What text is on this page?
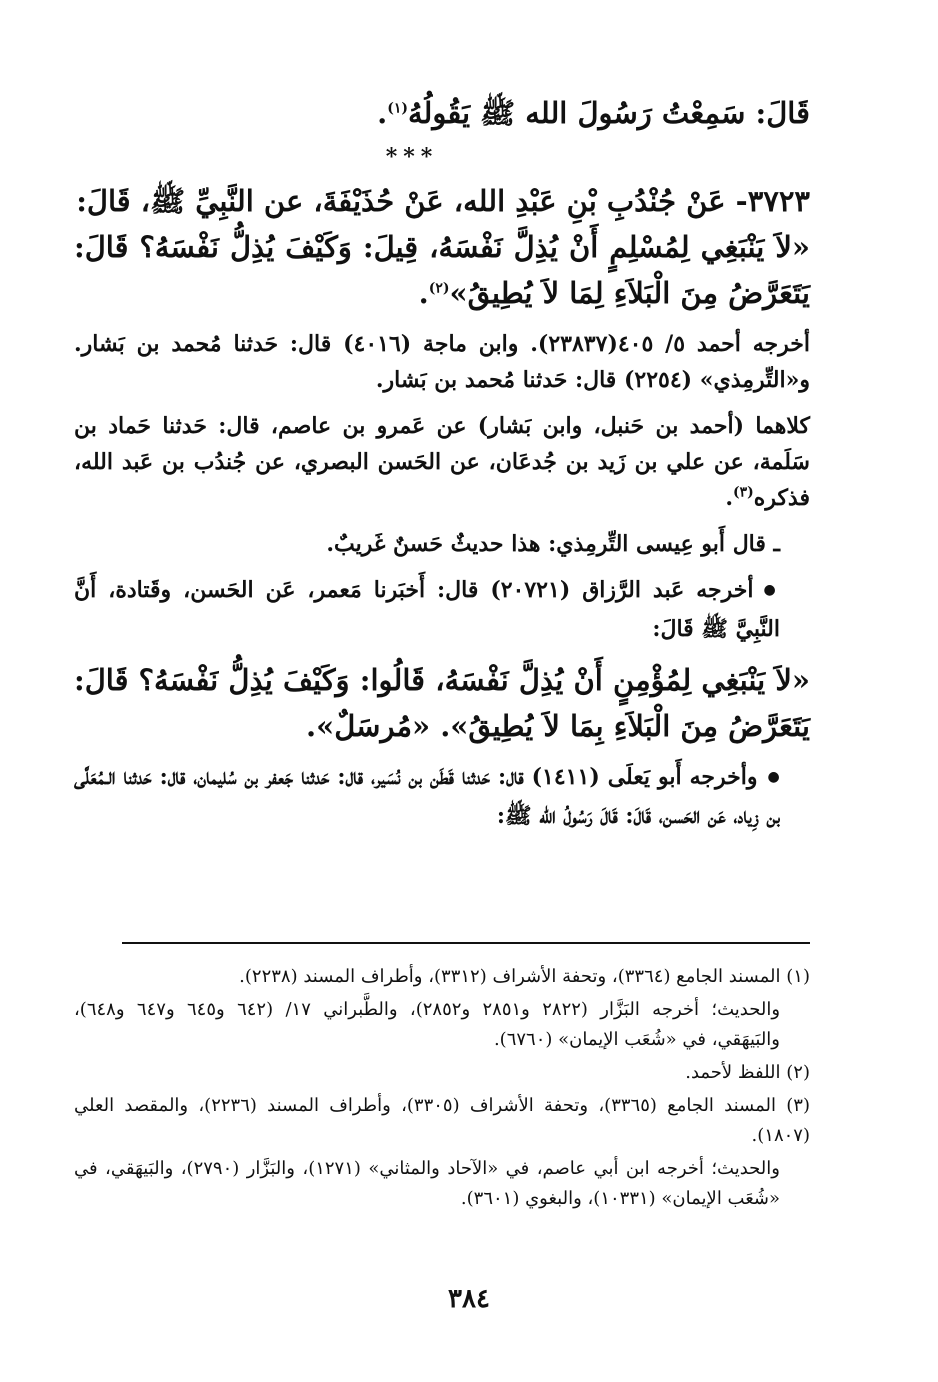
قَالَ: سَمِعْتُ رَسُولَ الله ﷺ يَقُولُهُ$^{(١)}$.

***

٣٧٢٣- عَنْ جُنْدُبِ بْنِ عَبْدِ الله، عَنْ حُذَيْفَةَ، عن النَّبِيِّ ﷺ، قَالَ:

«لاَ يَنْبَغِي لِمُسْلِمٍ أَنْ يُذِلَّ نَفْسَهُ، قِيلَ: وَكَيْفَ يُذِلُّ نَفْسَهُ؟ قَالَ: يَتَعَرَّضُ مِنَ الْبَلاَءِ لِمَا لاَ يُطِيقُ»$^{(٢)}$.

أخرجه أحمد ٥/ ٤٠٥(٢٣٨٣٧). وابن ماجة (٤٠١٦) قال: حَدثنا مُحمد بن بَشار. و«التِّرمِذي» (٢٢٥٤) قال: حَدثنا مُحمد بن بَشار.

كلاهما (أحمد بن حَنبل، وابن بَشار) عن عَمرو بن عاصم، قال: حَدثنا حَماد بن سَلَمة، عن علي بن زَيد بن جُدعَان، عن الحَسن البصري، عن جُندُب بن عَبد الله، فذكره$^{(٣)}$.

ـ قال أَبو عِيسى التِّرمِذي: هذا حديثٌ حَسنٌ غَريبٌ.

● أخرجه عَبد الرَّزاق (٢٠٧٢١) قال: أَخبَرنا مَعمر، عَن الحَسن، وقَتادة، أَنَّ النَّبِيَّ ﷺ قَالَ:

«لاَ يَنْبَغِي لِمُؤْمِنٍ أَنْ يُذِلَّ نَفْسَهُ، قَالُوا: وَكَيْفَ يُذِلُّ نَفْسَهُ؟ قَالَ: يَتَعَرَّضُ مِنَ الْبَلاَءِ بِمَا لاَ يُطِيقُ». «مُرسَلٌ».

● وأخرجه أَبو يَعلَى (١٤١١) قال: حَدثنا قَطَن بن نُسَير، قال: حَدثنا جَعفر بن سُليمان، قال: حَدثنا الـمُعَلَّى بن زِياد، عَن الحَسن، قَالَ: قَالَ رَسُولُ الله ﷺ:

(١) المسند الجامع (٣٣٦٤)، وتحفة الأشراف (٣٣١٢)، وأطراف المسند (٢٢٣٨).

والحديث؛ أخرجه البَزَّار (٢٨٢٢ و٢٨٥١ و٢٨٥٢)، والطَّبراني ١٧/ (٦٤٢ و٦٤٥ و٦٤٧ و٦٤٨)، والبَيهَقي، في «شُعَب الإيمان» (٦٧٦٠).

(٢) اللفظ لأحمد.

(٣) المسند الجامع (٣٣٦٥)، وتحفة الأشراف (٣٣٠٥)، وأطراف المسند (٢٢٣٦)، والمقصد العلي (١٨٠٧).

والحديث؛ أخرجه ابن أبي عاصم، في «الآحاد والمثاني» (١٢٧١)، والبَزَّار (٢٧٩٠)، والبَيهَقي، في «شُعَب الإيمان» (١٠٣٣١)، والبغوي (٣٦٠١).

٣٨٤
